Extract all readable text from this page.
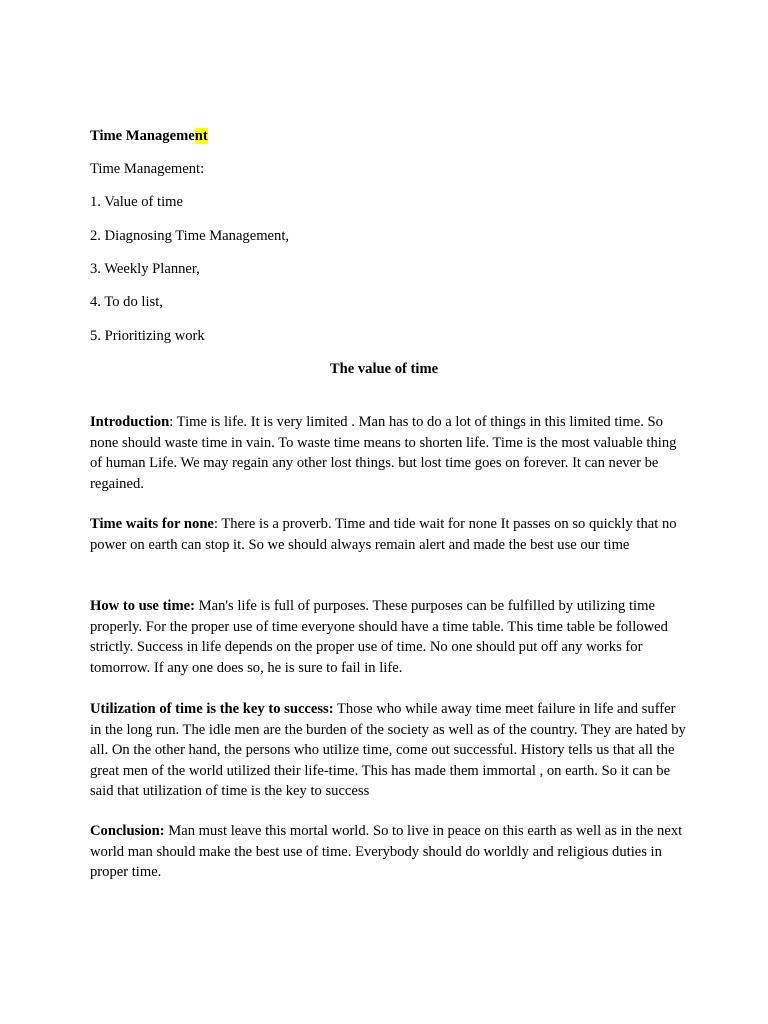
Time Management
Time Management:
1. Value of time
2. Diagnosing Time Management,
3. Weekly Planner,
4. To do list,
5. Prioritizing work
The value of time
Introduction: Time is life. It is very limited . Man has to do a lot of things in this limited time. So none should waste time in vain. To waste time means to shorten life. Time is the most valuable thing of human Life. We may regain any other lost things. but lost time goes on forever. It can never be regained.
Time waits for none: There is a proverb. Time and tide wait for none It passes on so quickly that no power on earth can stop it. So we should always remain alert and made the best use our time
How to use time: Man's life is full of purposes. These purposes can be fulfilled by utilizing time properly. For the proper use of time everyone should have a time table. This time table be followed strictly. Success in life depends on the proper use of time. No one should put off any works for tomorrow. If any one does so, he is sure to fail in life.
Utilization of time is the key to success: Those who while away time meet failure in life and suffer in the long run. The idle men are the burden of the society as well as of the country. They are hated by all. On the other hand, the persons who utilize time, come out successful. History tells us that all the great men of the world utilized their life-time. This has made them immortal , on earth. So it can be said that utilization of time is the key to success
Conclusion: Man must leave this mortal world. So to live in peace on this earth as well as in the next world man should make the best use of time. Everybody should do worldly and religious duties in proper time.
